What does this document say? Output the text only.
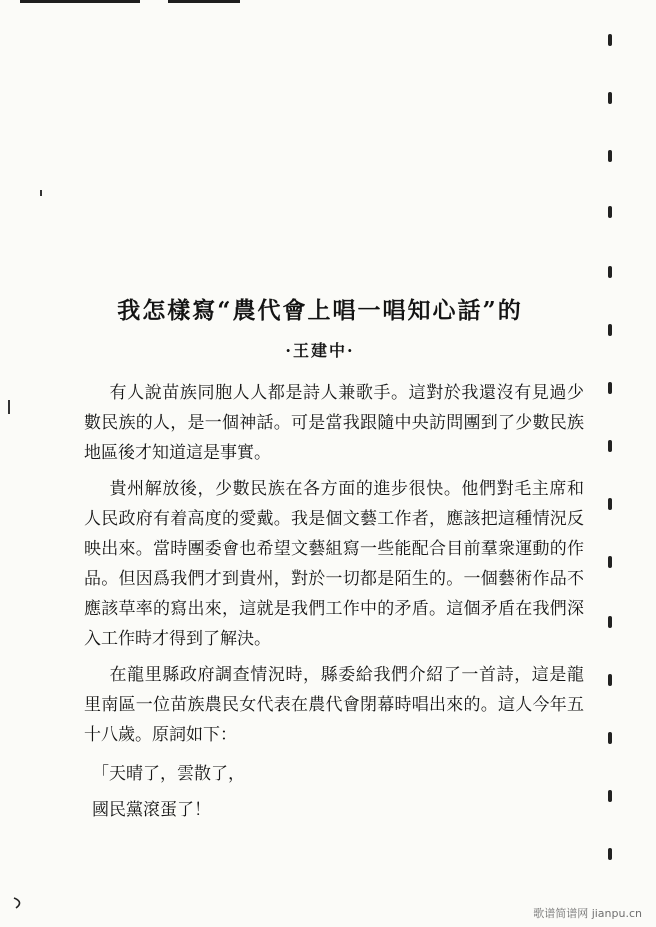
我怎樣寫“農代會上唱一唱知心話”的
·王建中·

有人說苗族同胞人人都是詩人兼歌手。這對於我還沒有見過少數民族的人，是一個神話。可是當我跟隨中央訪問團到了少數民族地區後才知道這是事實。

貴州解放後，少數民族在各方面的進步很快。他們對毛主席和人民政府有着高度的愛戴。我是個文藝工作者，應該把這種情況反映出來。當時團委會也希望文藝組寫一些能配合目前羣衆運動的作品。但因爲我們才到貴州，對於一切都是陌生的。一個藝術作品不應該草率的寫出來，這就是我們工作中的矛盾。這個矛盾在我們深入工作時才得到了解決。

在龍里縣政府調查情況時，縣委給我們介紹了一首詩，這是龍里南區一位苗族農民女代表在農代會閉幕時唱出來的。這人今年五十八歲。原詞如下：

「天晴了，雲散了，
國民黨滾蛋了！
歌谱简谱网 jianpu.cn
